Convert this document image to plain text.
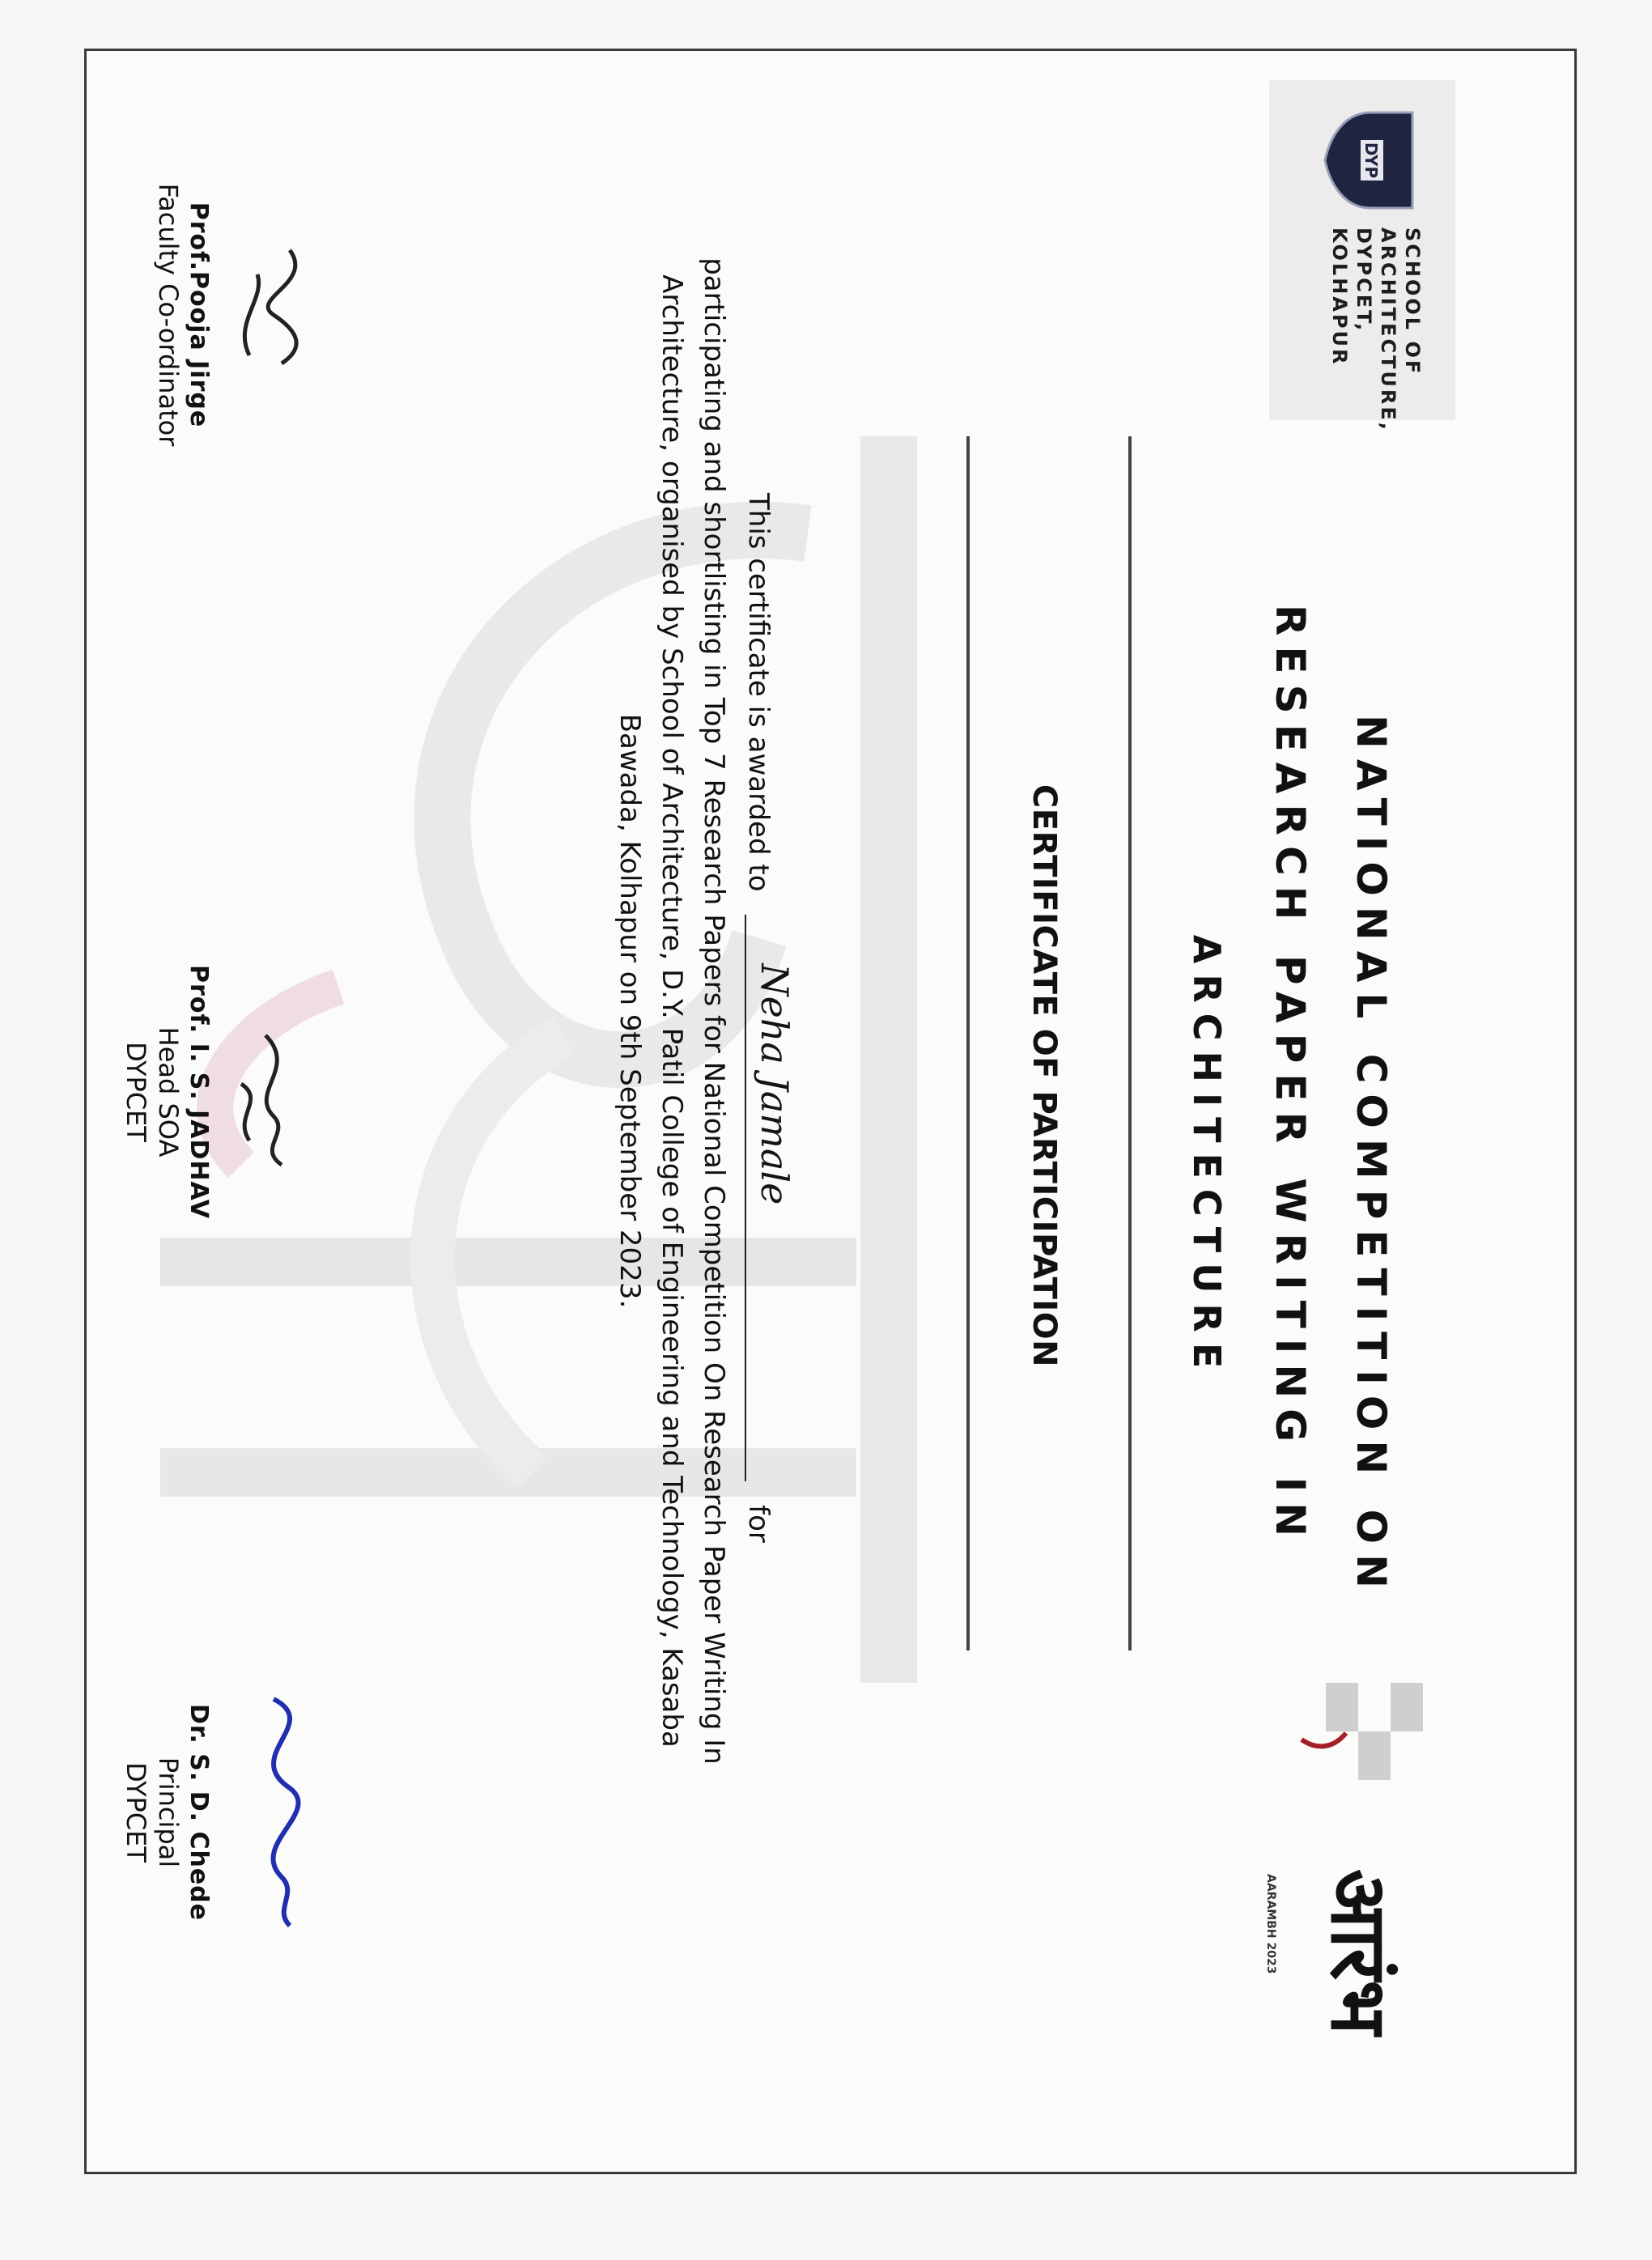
DYP
SCHOOL OF
ARCHITECTURE,
DYPCET,
KOLHAPUR
आरंभ
AARAMBH 2023
NATIONAL COMPETITION ON
RESEARCH PAPER WRITING IN
ARCHITECTURE
CERTIFICATE OF PARTICIPATION
This certificate is awarded to
Neha Jamale
for
participating and shortlisting in Top 7 Research Papers for National Competition On Research Paper Writing In Architecture, organised by School of Architecture, D.Y. Patil College of Engineering and Technology, Kasaba Bawada, Kolhapur on 9th September 2023.
Prof.Pooja Jirge
Faculty Co-ordinator
Prof. I. S. JADHAV
Head SOA
DYPCET
Dr. S. D. Chede
Principal
DYPCET
